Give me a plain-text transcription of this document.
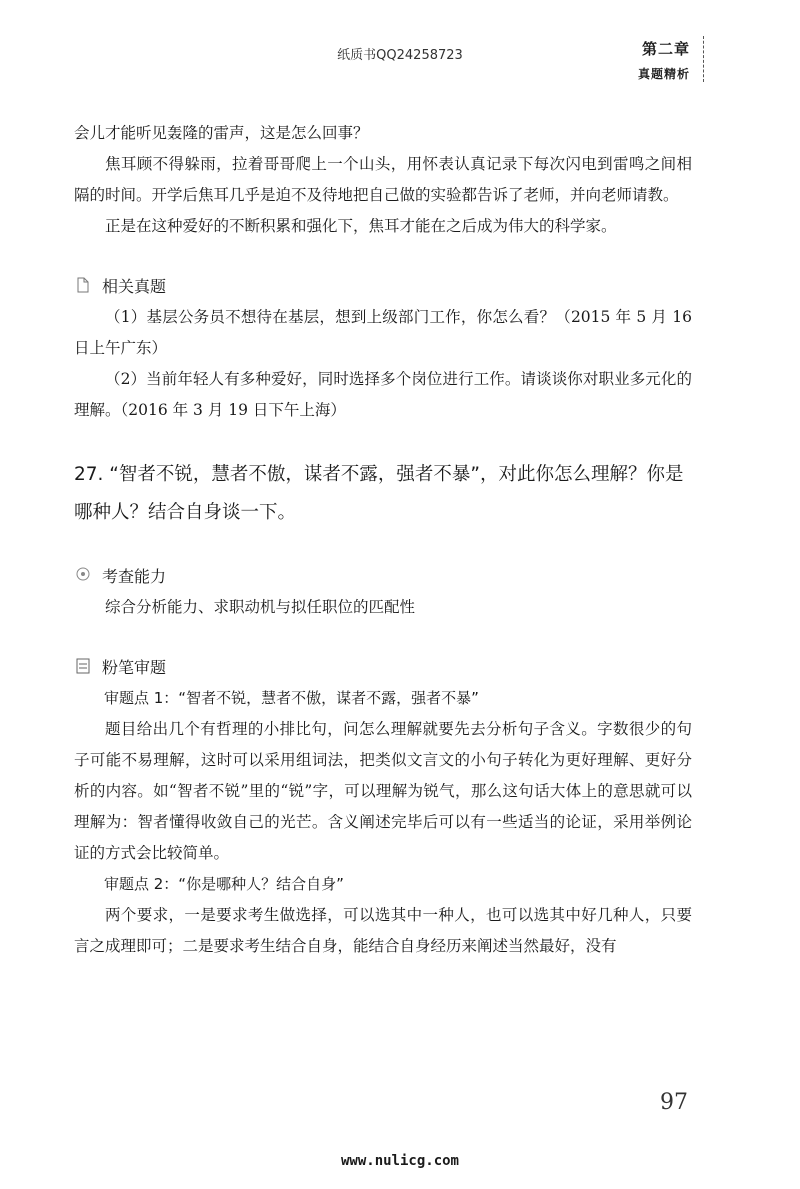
纸质书QQ24258723	第二章
真题精析

会儿才能听见轰隆的雷声，这是怎么回事？

焦耳顾不得躲雨，拉着哥哥爬上一个山头，用怀表认真记录下每次闪电到雷鸣之间相隔的时间。开学后焦耳几乎是迫不及待地把自己做的实验都告诉了老师，并向老师请教。

正是在这种爱好的不断积累和强化下，焦耳才能在之后成为伟大的科学家。

相关真题

（1）基层公务员不想待在基层，想到上级部门工作，你怎么看？（2015 年 5 月 16 日上午广东）

（2）当前年轻人有多种爱好，同时选择多个岗位进行工作。请谈谈你对职业多元化的理解。（2016 年 3 月 19 日下午上海）

27. “智者不锐，慧者不傲，谋者不露，强者不暴”，对此你怎么理解？你是哪种人？结合自身谈一下。
考查能力

综合分析能力、求职动机与拟任职位的匹配性

粉笔审题

审题点 1：“智者不锐，慧者不傲，谋者不露，强者不暴”

题目给出几个有哲理的小排比句，问怎么理解就要先去分析句子含义。字数很少的句子可能不易理解，这时可以采用组词法，把类似文言文的小句子转化为更好理解、更好分析的内容。如“智者不锐”里的“锐”字，可以理解为锐气，那么这句话大体上的意思就可以理解为：智者懂得收敛自己的光芒。含义阐述完毕后可以有一些适当的论证，采用举例论证的方式会比较简单。

审题点 2：“你是哪种人？结合自身”

两个要求，一是要求考生做选择，可以选其中一种人，也可以选其中好几种人，只要言之成理即可；二是要求考生结合自身，能结合自身经历来阐述当然最好，没有

97
www.nulicg.com
